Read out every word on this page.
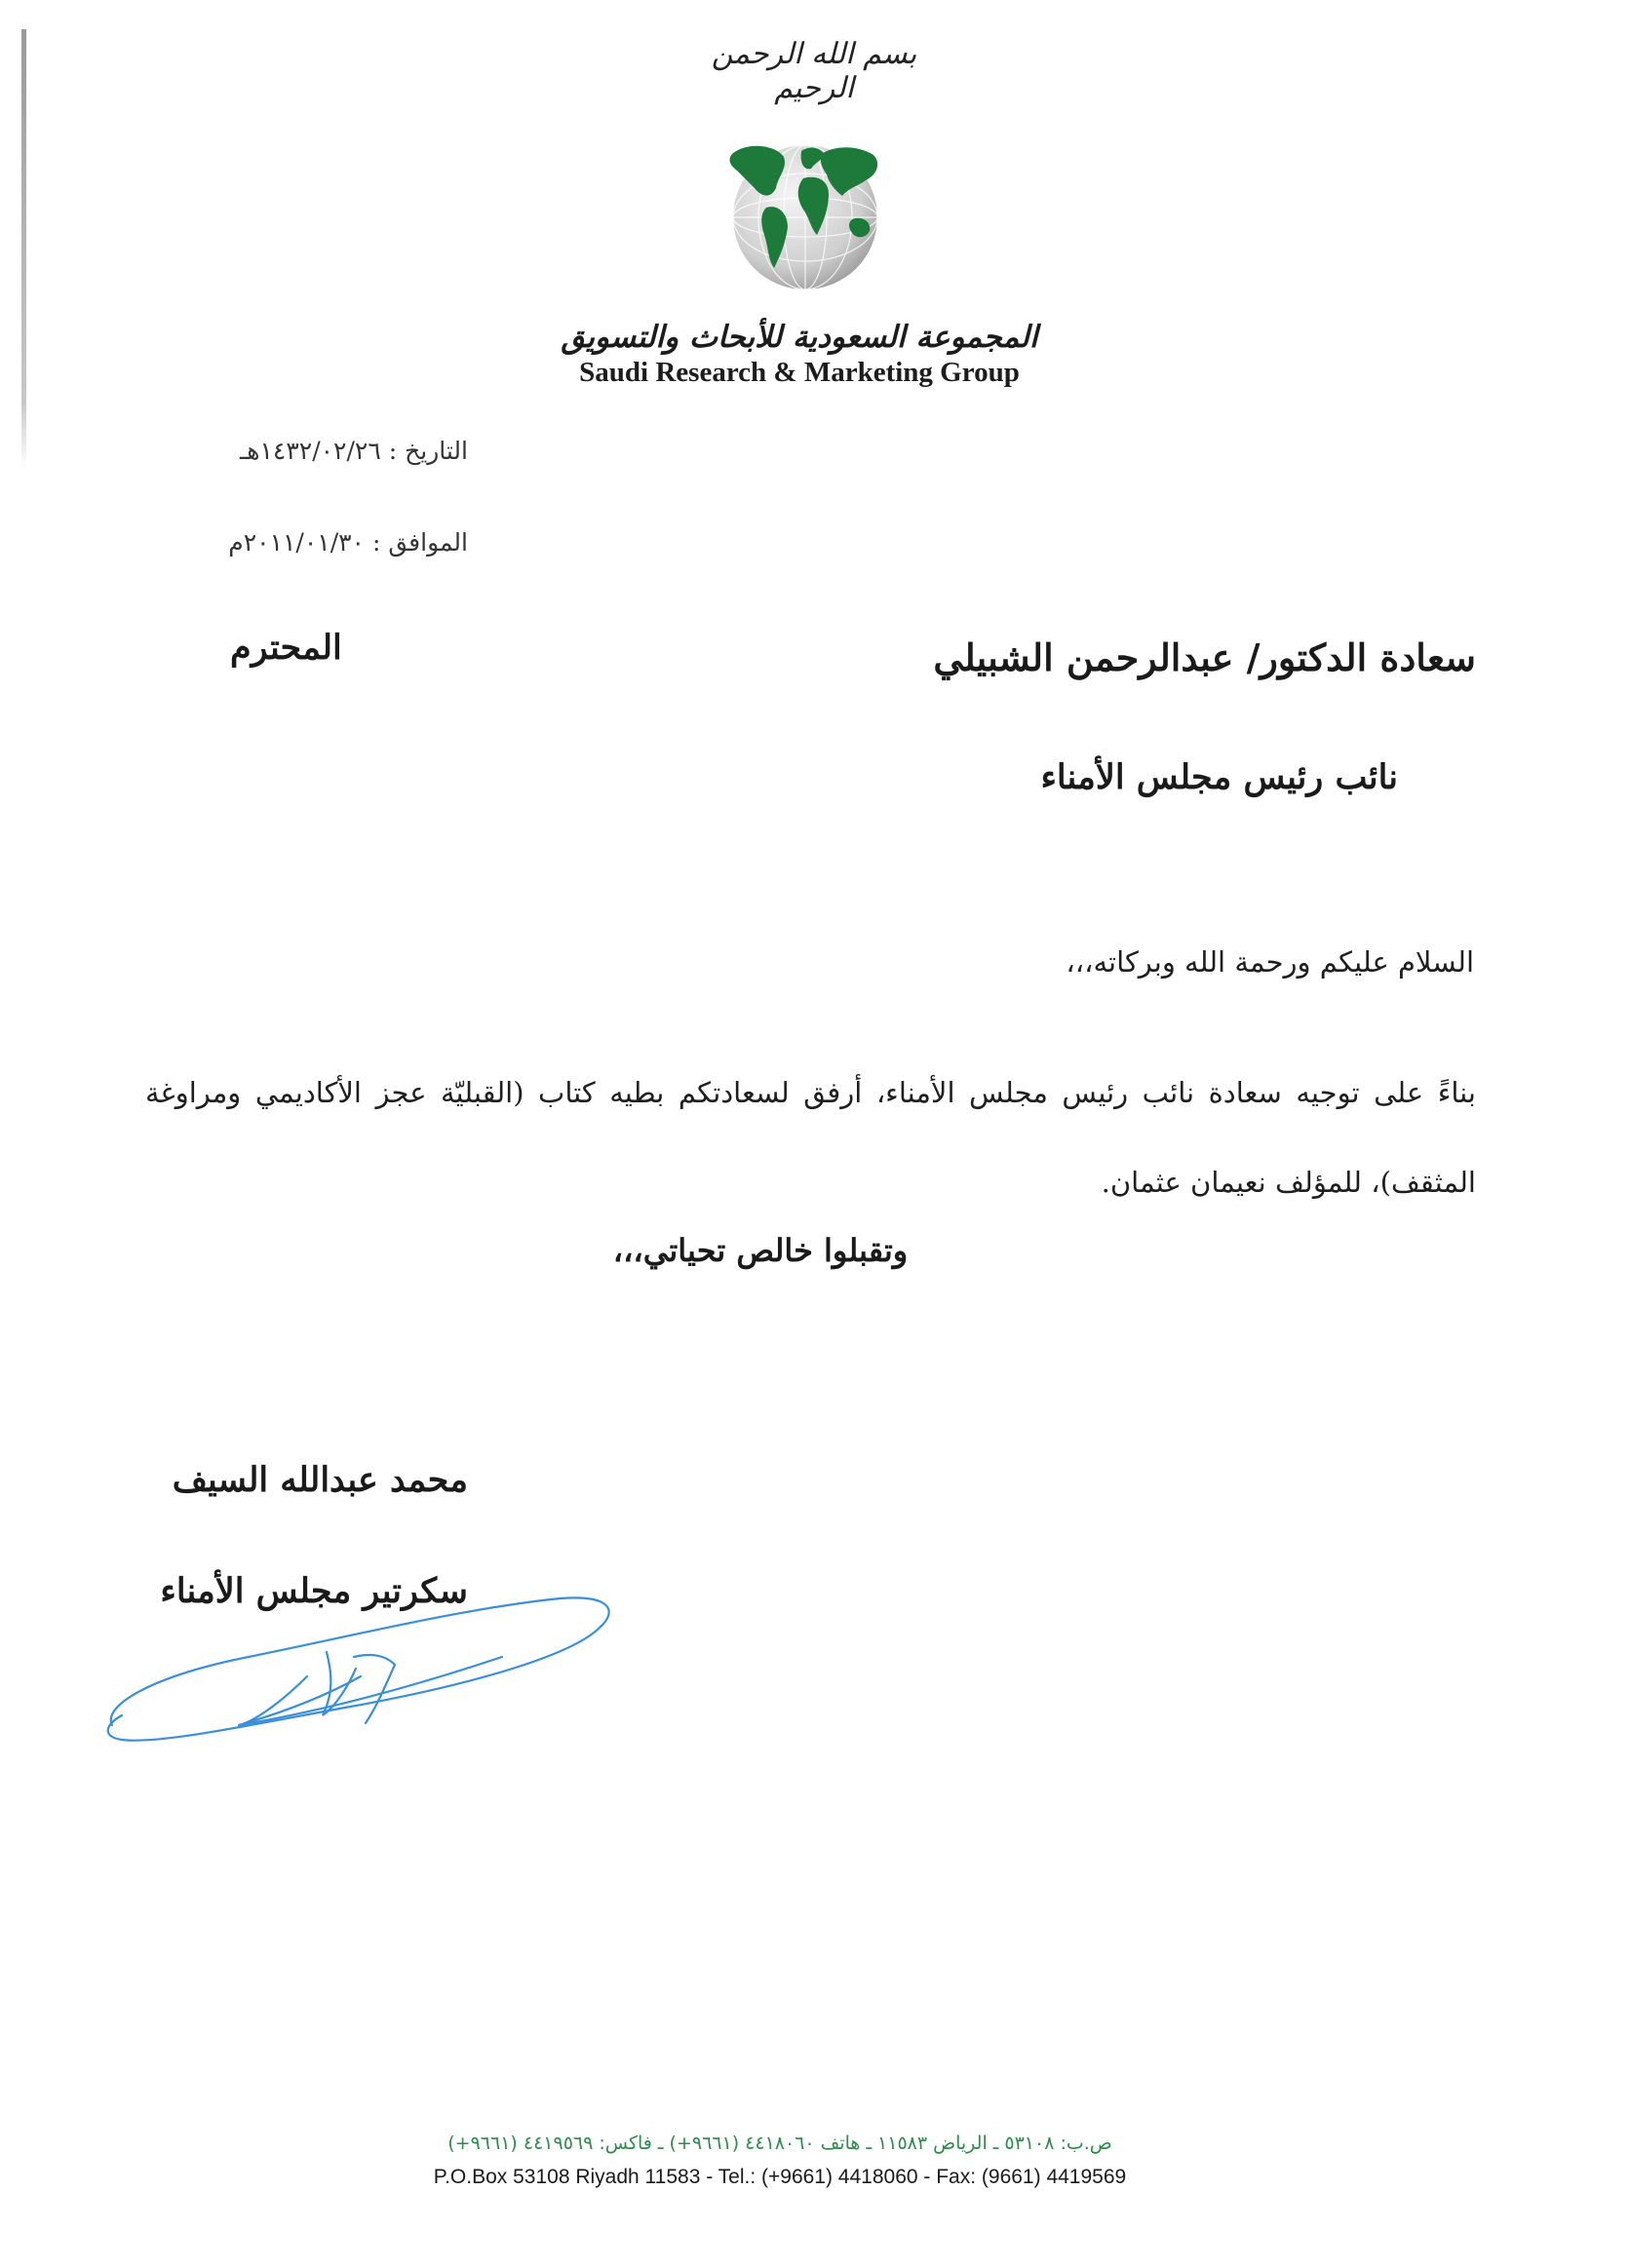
بسم الله الرحمن الرحيم
المجموعة السعودية للأبحاث والتسويق
Saudi Research & Marketing Group
التاريخ : ١٤٣٢/٠٢/٢٦هـ
الموافق : ٢٠١١/٠١/٣٠م
سعادة الدكتور/ عبدالرحمن الشبيلي
المحترم
نائب رئيس مجلس الأمناء
السلام عليكم ورحمة الله وبركاته،،،
بناءً على توجيه سعادة نائب رئيس مجلس الأمناء، أرفق لسعادتكم بطيه كتاب (القبليّة عجز الأكاديمي ومراوغة المثقف)، للمؤلف نعيمان عثمان.
وتقبلوا خالص تحياتي،،،
محمد عبدالله السيف
سكرتير مجلس الأمناء
ص.ب: ٥٣١٠٨ ـ الرياض ١١٥٨٣ ـ هاتف ٤٤١٨٠٦٠ (٩٦٦١+) ـ فاكس: ٤٤١٩٥٦٩ (٩٦٦١+)
P.O.Box 53108 Riyadh 11583 - Tel.: (+9661) 4418060 - Fax: (9661) 4419569
